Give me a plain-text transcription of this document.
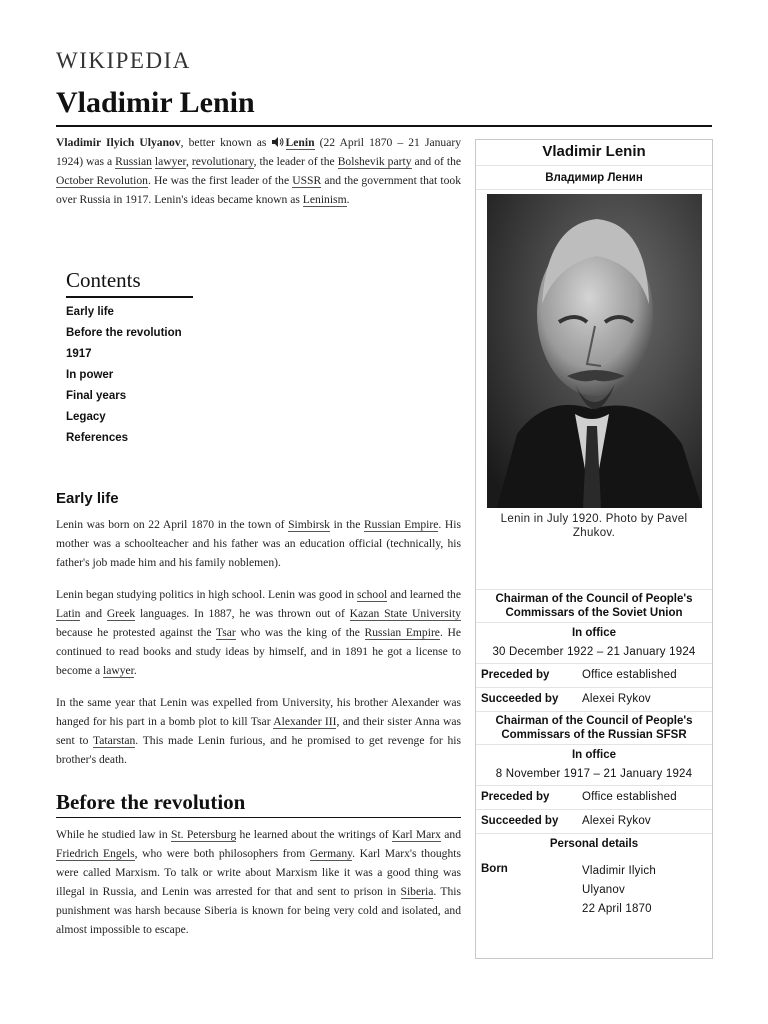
WIKIPEDIA
Vladimir Lenin

Vladimir Ilyich Ulyanov, better known as Lenin (22 April 1870 – 21 January 1924) was a Russian lawyer, revolutionary, the leader of the Bolshevik party and of the October Revolution. He was the first leader of the USSR and the government that took over Russia in 1917. Lenin's ideas became known as Leninism.

Contents
Early life
Before the revolution
1917
In power
Final years
Legacy
References
Early life

Lenin was born on 22 April 1870 in the town of Simbirsk in the Russian Empire. His mother was a schoolteacher and his father was an education official (technically, his father's job made him and his family noblemen).

Lenin began studying politics in high school. Lenin was good in school and learned the Latin and Greek languages. In 1887, he was thrown out of Kazan State University because he protested against the Tsar who was the king of the Russian Empire. He continued to read books and study ideas by himself, and in 1891 he got a license to become a lawyer.

In the same year that Lenin was expelled from University, his brother Alexander was hanged for his part in a bomb plot to kill Tsar Alexander III, and their sister Anna was sent to Tatarstan. This made Lenin furious, and he promised to get revenge for his brother's death.

Before the revolution

While he studied law in St. Petersburg he learned about the writings of Karl Marx and Friedrich Engels, who were both philosophers from Germany. Karl Marx's thoughts were called Marxism. To talk or write about Marxism like it was a good thing was illegal in Russia, and Lenin was arrested for that and sent to prison in Siberia. This punishment was harsh because Siberia is known for being very cold and isolated, and almost impossible to escape.

Vladimir Lenin
Владимир Ленин
Lenin in July 1920. Photo by Pavel Zhukov.
Chairman of the Council of People's Commissars of the Soviet Union
In office
30 December 1922 – 21 January 1924
Preceded by	Office established
Succeeded by	Alexei Rykov
Chairman of the Council of People's Commissars of the Russian SFSR
In office
8 November 1917 – 21 January 1924
Preceded by	Office established
Succeeded by	Alexei Rykov
Personal details
Born	Vladimir Ilyich
Ulyanov
22 April 1870
